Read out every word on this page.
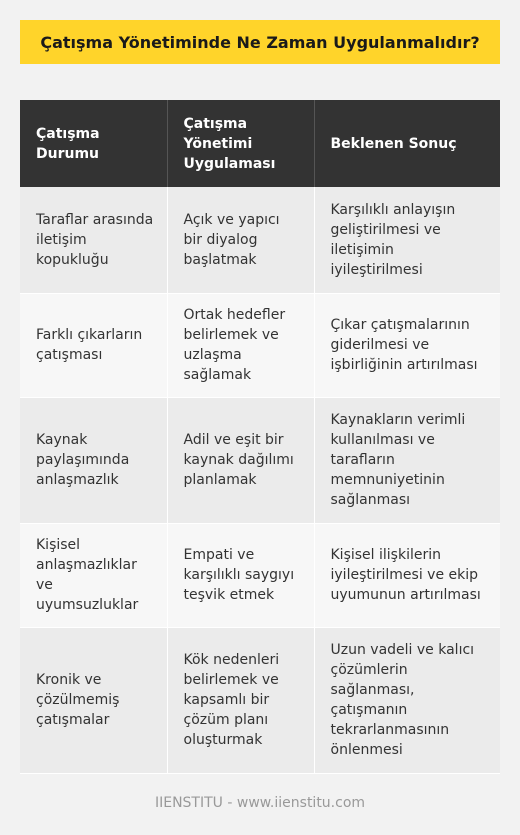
Çatışma Yönetiminde Ne Zaman Uygulanmalıdır?
Çatışma Durumu	Çatışma Yönetimi Uygulaması	Beklenen Sonuç
Taraflar arasında iletişim kopukluğu	Açık ve yapıcı bir diyalog başlatmak	Karşılıklı anlayışın geliştirilmesi ve iletişimin iyileştirilmesi
Farklı çıkarların çatışması	Ortak hedefler belirlemek ve uzlaşma sağlamak	Çıkar çatışmalarının giderilmesi ve işbirliğinin artırılması
Kaynak paylaşımında anlaşmazlık	Adil ve eşit bir kaynak dağılımı planlamak	Kaynakların verimli kullanılması ve tarafların memnuniyetinin sağlanması
Kişisel anlaşmazlıklar ve uyumsuzluklar	Empati ve karşılıklı saygıyı teşvik etmek	Kişisel ilişkilerin iyileştirilmesi ve ekip uyumunun artırılması
Kronik ve çözülmemiş çatışmalar	Kök nedenleri belirlemek ve kapsamlı bir çözüm planı oluşturmak	Uzun vadeli ve kalıcı çözümlerin sağlanması, çatışmanın tekrarlanmasının önlenmesi
IIENSTITU - www.iienstitu.com
